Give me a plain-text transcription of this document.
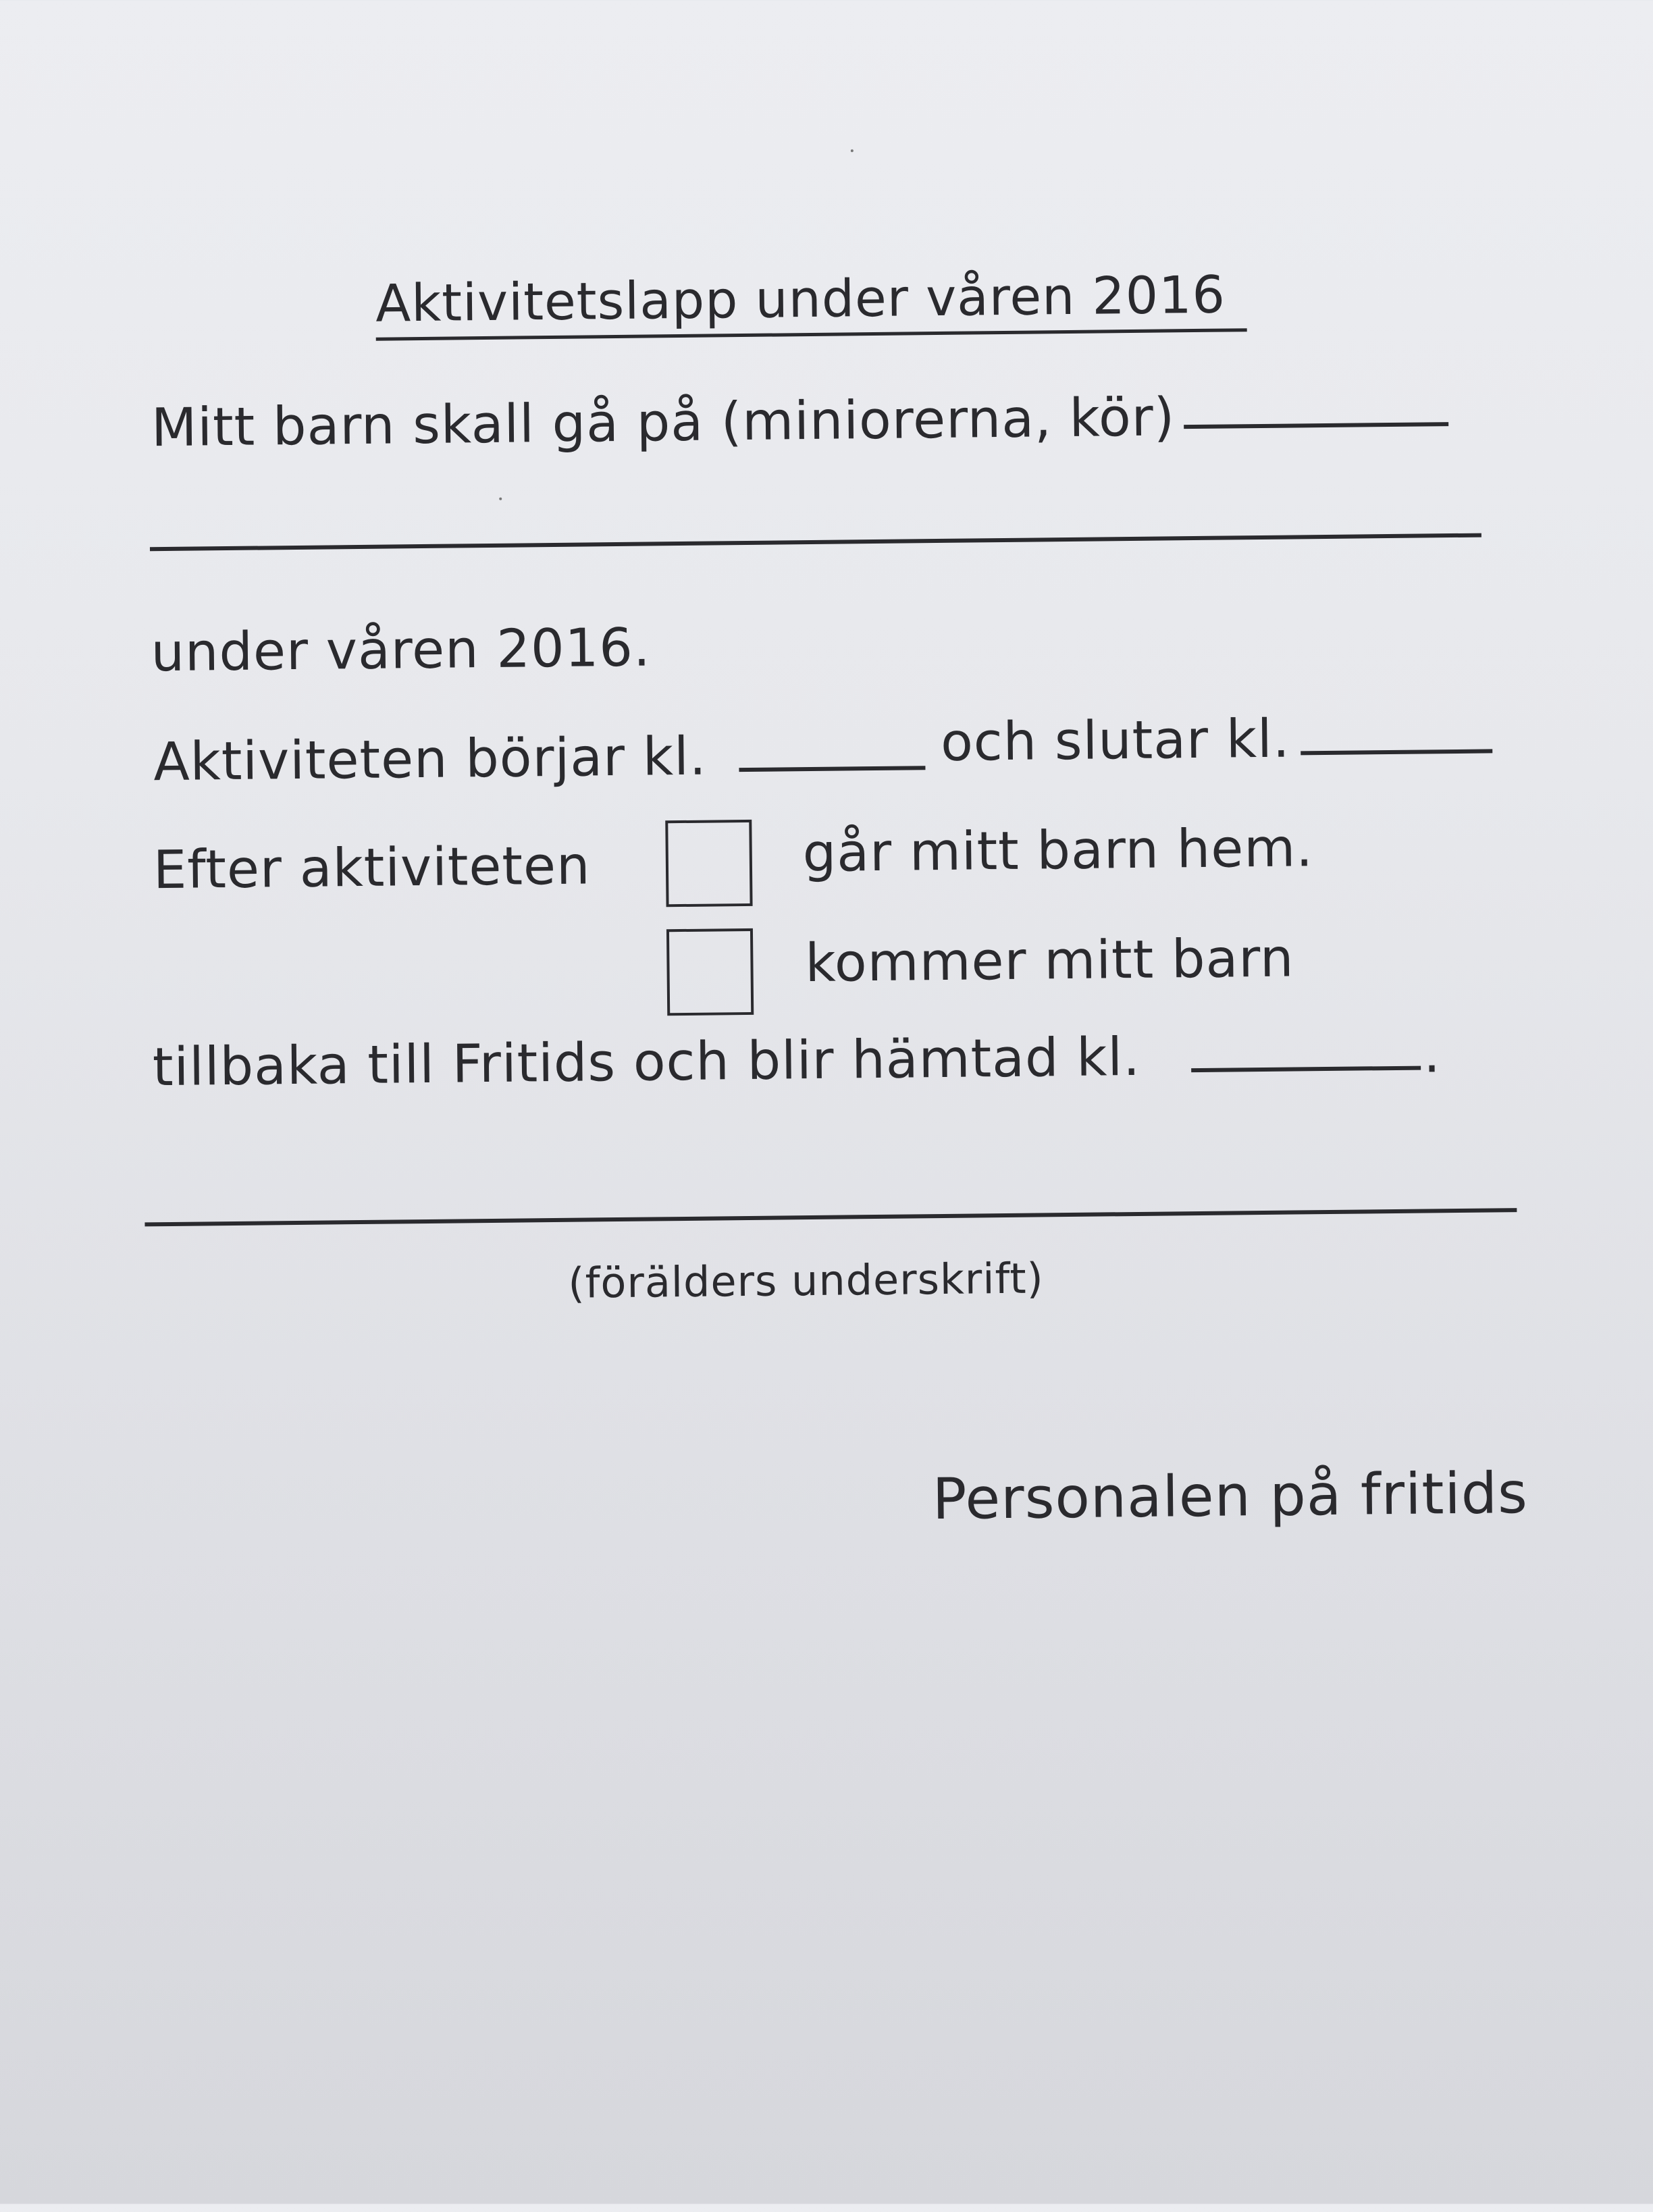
Aktivitetslapp under våren 2016
Mitt barn skall gå på (miniorerna, kör)
under våren 2016.
Aktiviteten börjar kl.	och slutar kl.
Efter aktiviteten	går mitt barn hem.
kommer mitt barn
tillbaka till Fritids och blir hämtad kl.	.
(förälders underskrift)
Personalen på fritids
